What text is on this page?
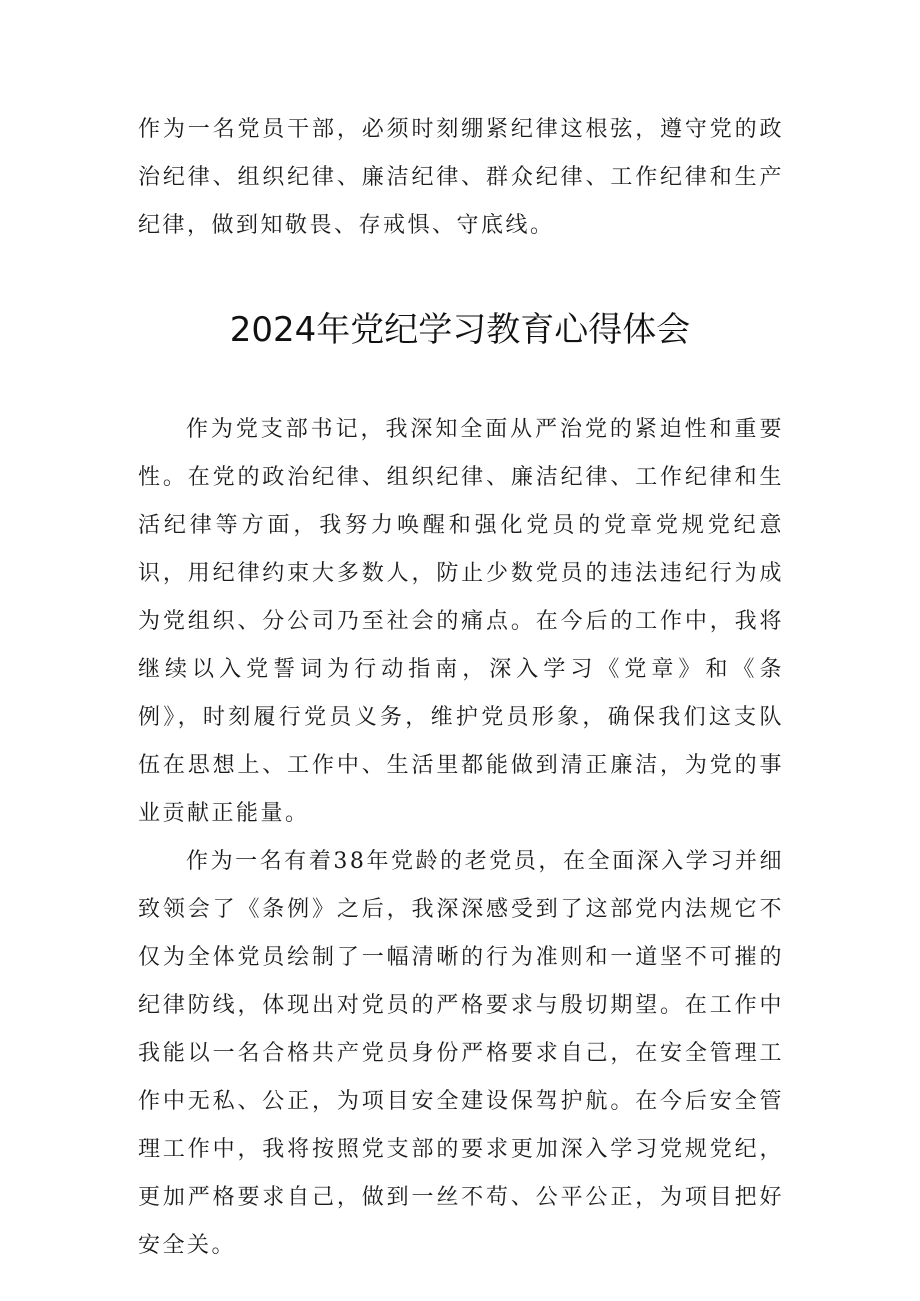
作为一名党员干部，必须时刻绷紧纪律这根弦，遵守党的政治纪律、组织纪律、廉洁纪律、群众纪律、工作纪律和生产纪律，做到知敬畏、存戒惧、守底线。
2024年党纪学习教育心得体会

作为党支部书记，我深知全面从严治党的紧迫性和重要性。在党的政治纪律、组织纪律、廉洁纪律、工作纪律和生活纪律等方面，我努力唤醒和强化党员的党章党规党纪意识，用纪律约束大多数人，防止少数党员的违法违纪行为成为党组织、分公司乃至社会的痛点。在今后的工作中，我将继续以入党誓词为行动指南，深入学习《党章》和《条例》，时刻履行党员义务，维护党员形象，确保我们这支队伍在思想上、工作中、生活里都能做到清正廉洁，为党的事业贡献正能量。

作为一名有着38年党龄的老党员，在全面深入学习并细致领会了《条例》之后，我深深感受到了这部党内法规它不仅为全体党员绘制了一幅清晰的行为准则和一道坚不可摧的纪律防线，体现出对党员的严格要求与殷切期望。在工作中我能以一名合格共产党员身份严格要求自己，在安全管理工作中无私、公正，为项目安全建设保驾护航。在今后安全管理工作中，我将按照党支部的要求更加深入学习党规党纪，更加严格要求自己，做到一丝不苟、公平公正，为项目把好安全关。
